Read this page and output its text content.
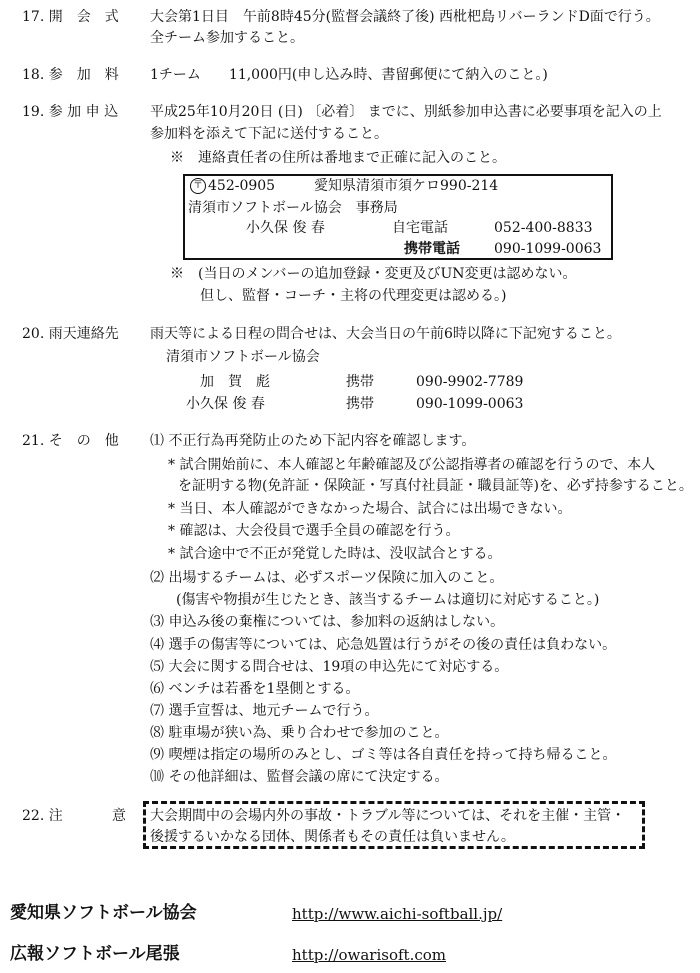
17. 開　会　式 大会第1日目　午前8時45分(監督会議終了後) 西枇杷島リバーランドD面で行う。
全チーム参加すること。
18. 参　加　料 1チーム　　11,000円(申し込み時、書留郵便にて納入のこと。)
19. 参 加 申 込 平成25年10月20日 (日) 〔必着〕 までに、別紙参加申込書に必要事項を記入の上
参加料を添えて下記に送付すること。
※　連絡責任者の住所は番地まで正確に記入のこと。
〒 452-0905	愛知県清須市須ケロ990-214
清須市ソフトボール協会　事務局
小久保 俊 春	自宅電話	052-400-8833
携帯電話 090-1099-0063
※　(当日のメンバーの追加登録・変更及びUN変更は認めない。
但し、監督・コーチ・主将の代理変更は認める。)
20. 雨天連絡先 雨天等による日程の問合せは、大会当日の午前6時以降に下記宛すること。
清須市ソフトボール協会
加　賀　彪	携帯	090-9902-7789
小久保 俊 春	携帯	090-1099-0063
21. そ　の　他 ⑴ 不正行為再発防止のため下記内容を確認します。
* 試合開始前に、本人確認と年齢確認及び公認指導者の確認を行うので、本人
を証明する物(免許証・保険証・写真付社員証・職員証等)を、必ず持参すること。
* 当日、本人確認ができなかった場合、試合には出場できない。
* 確認は、大会役員で選手全員の確認を行う。
* 試合途中で不正が発覚した時は、没収試合とする。
⑵ 出場するチームは、必ずスポーツ保険に加入のこと。
(傷害や物損が生じたとき、該当するチームは適切に対応すること。)
⑶ 申込み後の棄権については、参加料の返納はしない。
⑷ 選手の傷害等については、応急処置は行うがその後の責任は負わない。
⑸ 大会に関する問合せは、19項の申込先にて対応する。
⑹ ベンチは若番を1塁側とする。
⑺ 選手宣誓は、地元チームで行う。
⑻ 駐車場が狭い為、乗り合わせで参加のこと。
⑼ 喫煙は指定の場所のみとし、ゴミ等は各自責任を持って持ち帰ること。
⑽ その他詳細は、監督会議の席にて決定する。
22. 注	意 大会期間中の会場内外の事故・トラブル等については、それを主催・主管・
後援するいかなる団体、関係者もその責任は負いません。
愛知県ソフトボール協会	http://www.aichi-softball.jp/
広報ソフトボール尾張	http://owarisoft.com
